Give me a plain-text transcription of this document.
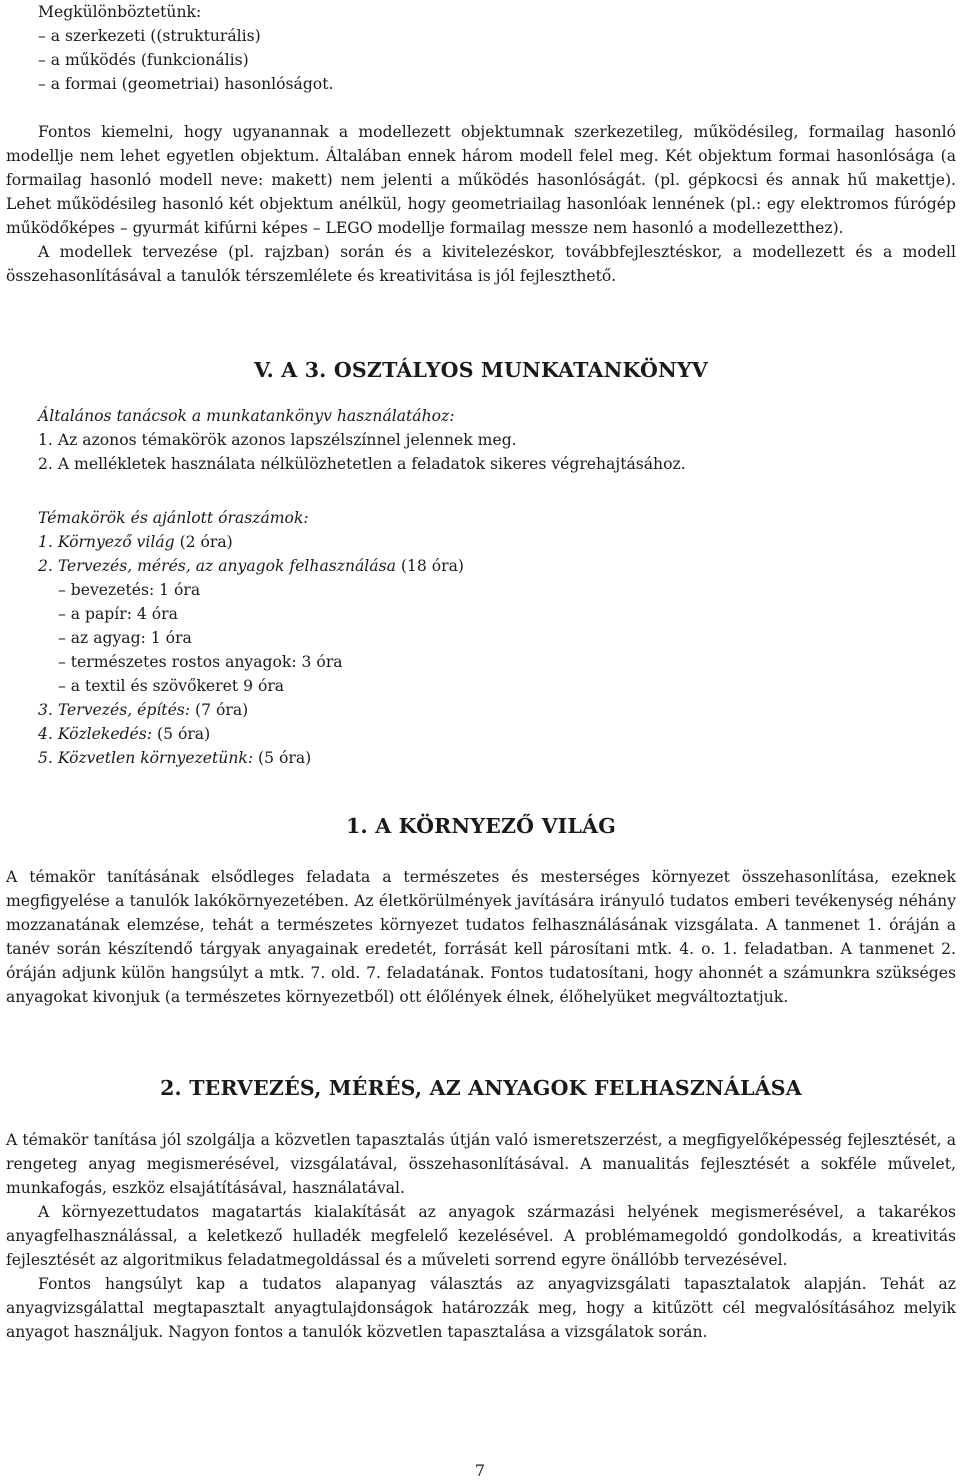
Megkülönböztetünk:

– a szerkezeti ((strukturális)

– a működés (funkcionális)

– a formai (geometriai) hasonlóságot.

Fontos kiemelni, hogy ugyanannak a modellezett objektumnak szerkezetileg, működésileg, formailag hasonló modellje nem lehet egyetlen objektum. Általában ennek három modell felel meg. Két objektum formai hasonlósága (a formailag hasonló modell neve: makett) nem jelenti a működés hasonlóságát. (pl. gépkocsi és annak hű makettje). Lehet működésileg hasonló két objektum anélkül, hogy geometriailag hasonlóak lennének (pl.: egy elektromos fúrógép működőképes – gyurmát kifúrni képes – LEGO modellje formailag messze nem hasonló a modellezetthez).

A modellek tervezése (pl. rajzban) során és a kivitelezéskor, továbbfejlesztéskor, a modellezett és a modell összehasonlításával a tanulók térszemlélete és kreativitása is jól fejleszthető.

V. A 3. OSZTÁLYOS MUNKATANKÖNYV

Általános tanácsok a munkatankönyv használatához:

1. Az azonos témakörök azonos lapszélszínnel jelennek meg.

2. A mellékletek használata nélkülözhetetlen a feladatok sikeres végrehajtásához.

Témakörök és ajánlott óraszámok:

1. Környező világ (2 óra)

2. Tervezés, mérés, az anyagok felhasználása (18 óra)

– bevezetés: 1 óra

– a papír: 4 óra

– az agyag: 1 óra

– természetes rostos anyagok: 3 óra

– a textil és szövőkeret 9 óra

3. Tervezés, építés: (7 óra)

4. Közlekedés: (5 óra)

5. Közvetlen környezetünk: (5 óra)

1. A KÖRNYEZŐ VILÁG

A témakör tanításának elsődleges feladata a természetes és mesterséges környezet összehasonlítása, ezeknek megfigyelése a tanulók lakókörnyezetében. Az életkörülmények javítására irányuló tudatos emberi tevékenység néhány mozzanatának elemzése, tehát a természetes környezet tudatos felhasználásának vizsgálata. A tanmenet 1. óráján a tanév során készítendő tárgyak anyagainak eredetét, forrását kell párosítani mtk. 4. o. 1. feladatban. A tanmenet 2. óráján adjunk külön hangsúlyt a mtk. 7. old. 7. feladatának. Fontos tudatosítani, hogy ahonnét a számunkra szükséges anyagokat kivonjuk (a természetes környezetből) ott élőlények élnek, élőhelyüket megváltoztatjuk.

2. TERVEZÉS, MÉRÉS, AZ ANYAGOK FELHASZNÁLÁSA

A témakör tanítása jól szolgálja a közvetlen tapasztalás útján való ismeretszerzést, a megfigyelőképesség fejlesztését, a rengeteg anyag megismerésével, vizsgálatával, összehasonlításával. A manualitás fejlesztését a sokféle művelet, munkafogás, eszköz elsajátításával, használatával.

A környezettudatos magatartás kialakítását az anyagok származási helyének megismerésével, a takarékos anyagfelhasználással, a keletkező hulladék megfelelő kezelésével. A problémamegoldó gondolkodás, a kreativitás fejlesztését az algoritmikus feladatmegoldással és a műveleti sorrend egyre önállóbb tervezésével.

Fontos hangsúlyt kap a tudatos alapanyag választás az anyagvizsgálati tapasztalatok alapján. Tehát az anyagvizsgálattal megtapasztalt anyagtulajdonságok határozzák meg, hogy a kitűzött cél megvalósításához melyik anyagot használjuk. Nagyon fontos a tanulók közvetlen tapasztalása a vizsgálatok során.

7
